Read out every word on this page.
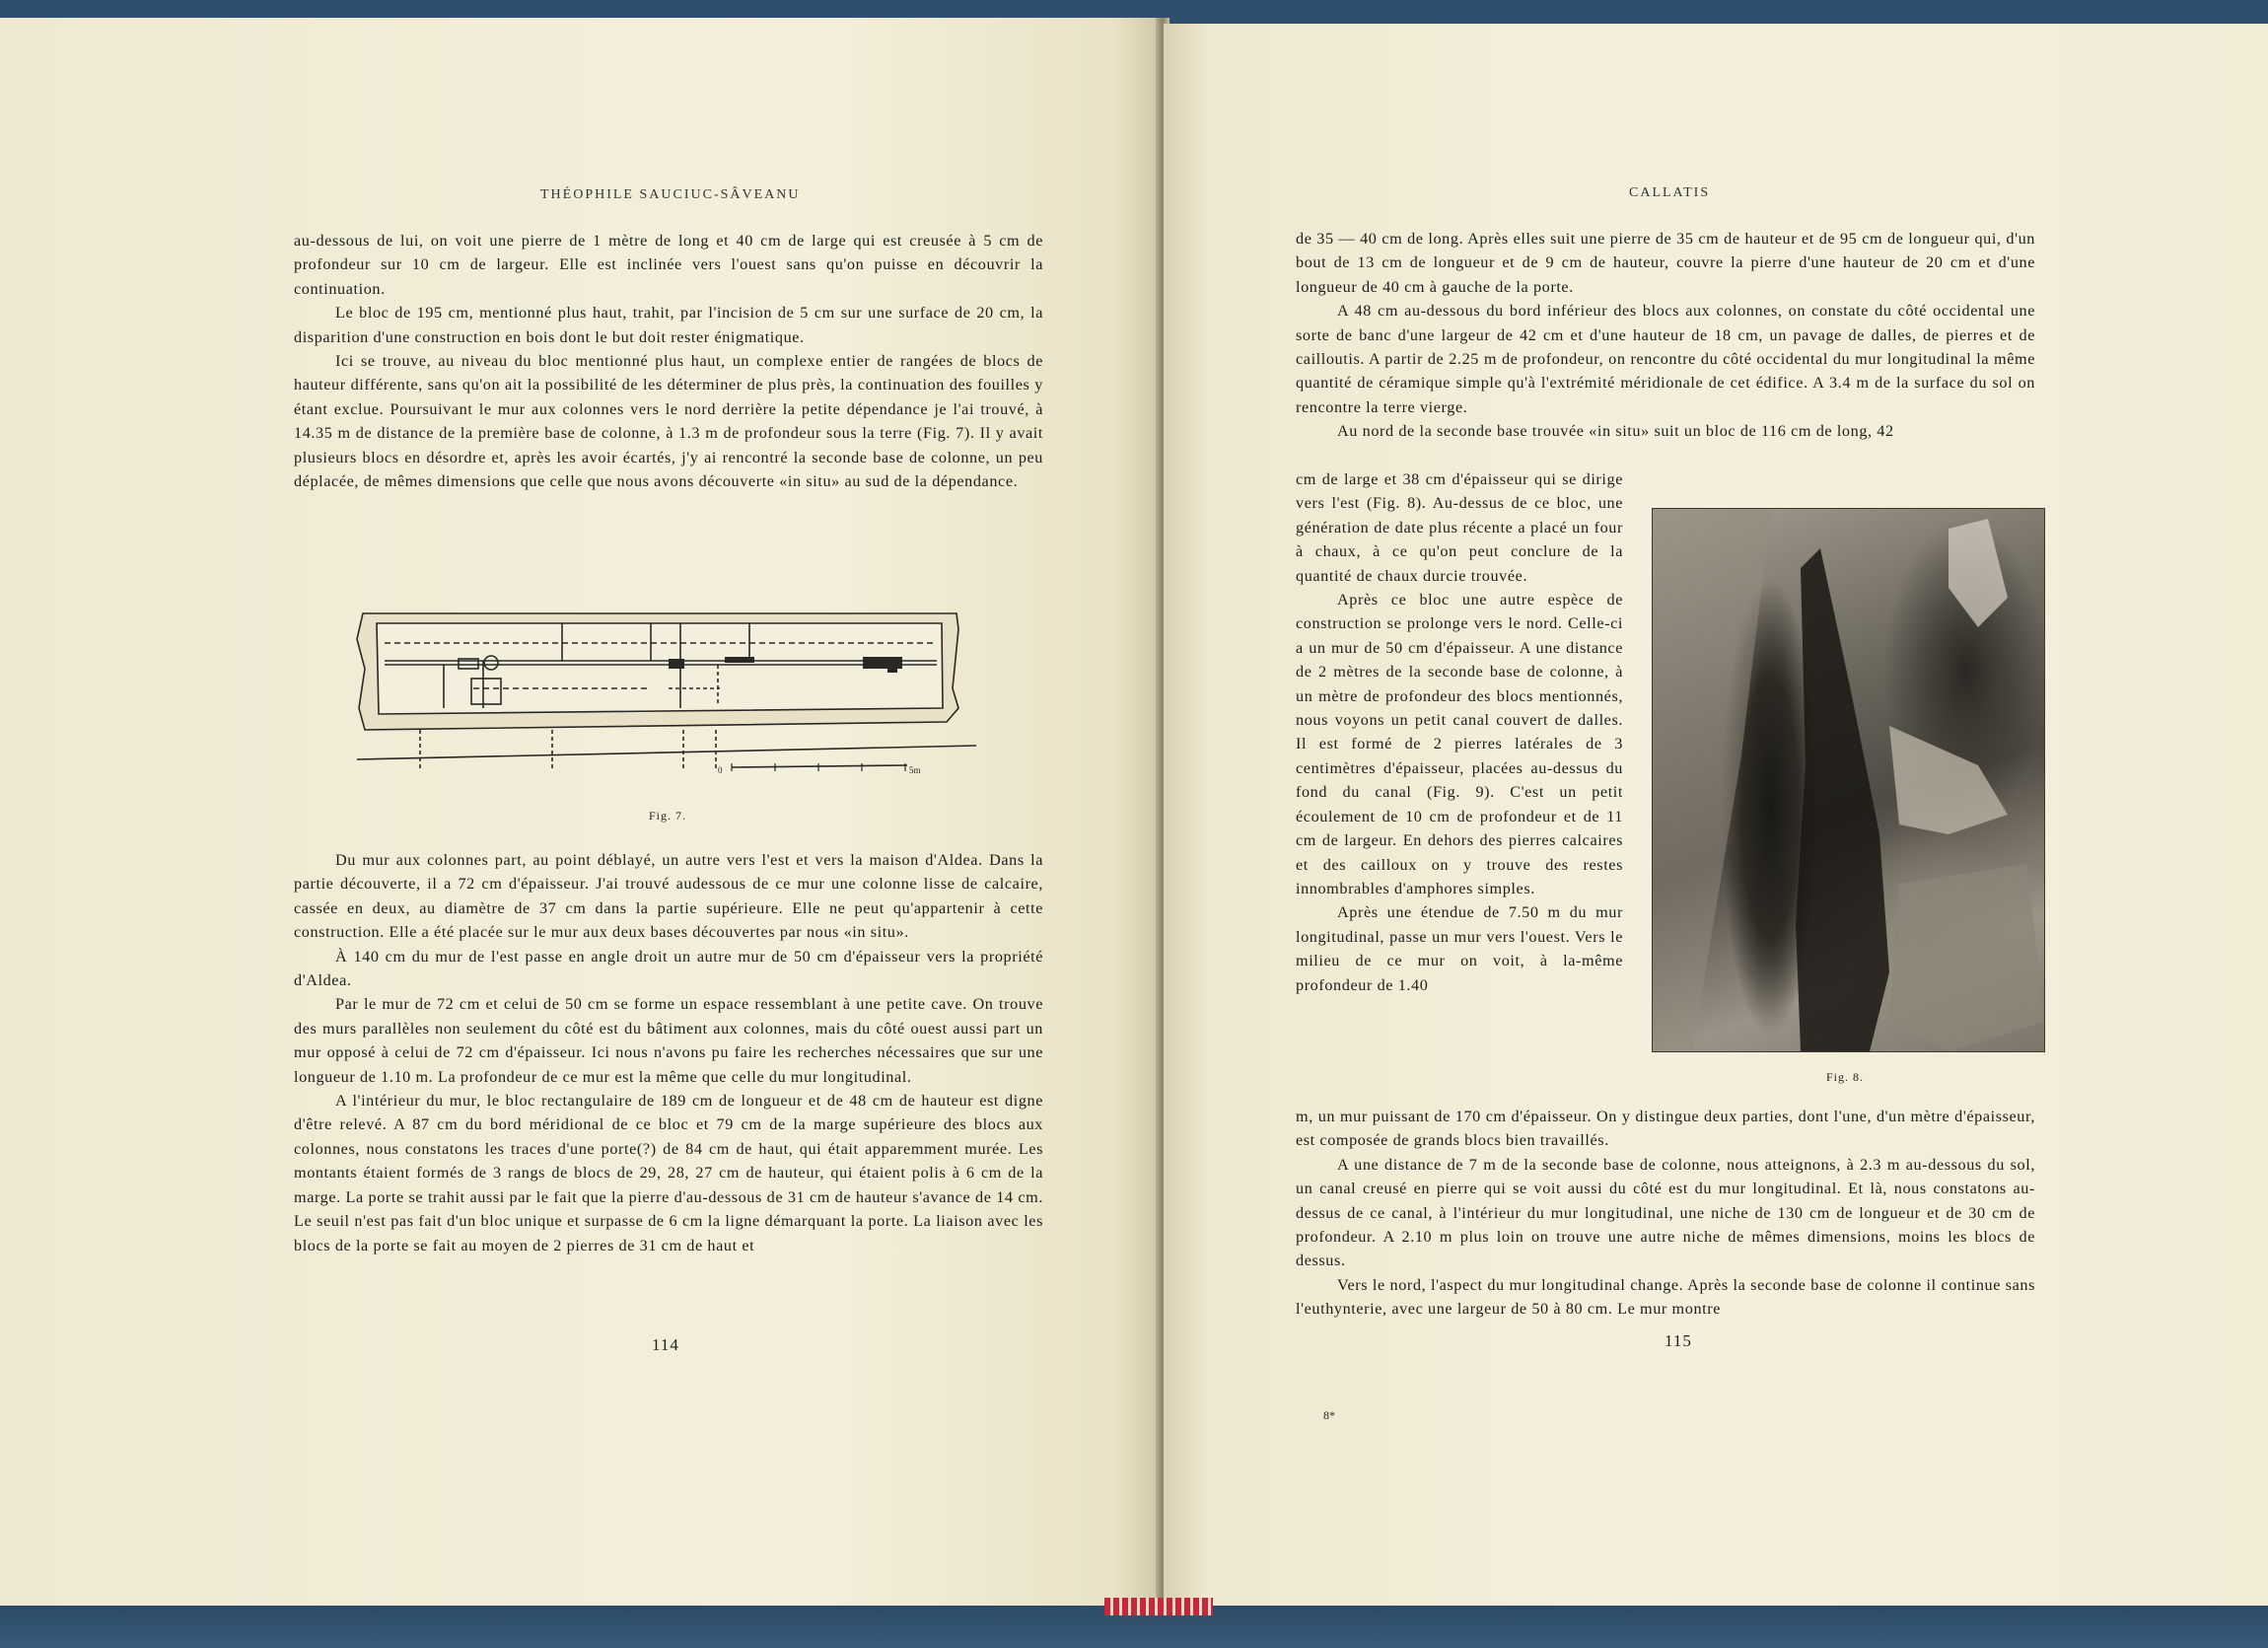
THÉOPHILE SAUCIUC-SÂVEANU

au-dessous de lui, on voit une pierre de 1 mètre de long et 40 cm de large qui est creusée à 5 cm de profondeur sur 10 cm de largeur. Elle est inclinée vers l'ouest sans qu'on puisse en découvrir la continuation.

Le bloc de 195 cm, mentionné plus haut, trahit, par l'incision de 5 cm sur une surface de 20 cm, la disparition d'une construction en bois dont le but doit rester énigmatique.

Ici se trouve, au niveau du bloc mentionné plus haut, un complexe entier de rangées de blocs de hauteur différente, sans qu'on ait la possibilité de les déterminer de plus près, la continuation des fouilles y étant exclue. Poursuivant le mur aux colonnes vers le nord derrière la petite dépendance je l'ai trouvé, à 14.35 m de distance de la première base de colonne, à 1.3 m de profondeur sous la terre (Fig. 7). Il y avait plusieurs blocs en désordre et, après les avoir écartés, j'y ai rencontré la seconde base de colonne, un peu déplacée, de mêmes dimensions que celle que nous avons découverte «in situ» au sud de la dépendance.

0	5m
Fig. 7.

Du mur aux colonnes part, au point déblayé, un autre vers l'est et vers la maison d'Aldea. Dans la partie découverte, il a 72 cm d'épaisseur. J'ai trouvé audessous de ce mur une colonne lisse de calcaire, cassée en deux, au diamètre de 37 cm dans la partie supérieure. Elle ne peut qu'appartenir à cette construction. Elle a été placée sur le mur aux deux bases découvertes par nous «in situ».

À 140 cm du mur de l'est passe en angle droit un autre mur de 50 cm d'épaisseur vers la propriété d'Aldea.

Par le mur de 72 cm et celui de 50 cm se forme un espace ressemblant à une petite cave. On trouve des murs parallèles non seulement du côté est du bâtiment aux colonnes, mais du côté ouest aussi part un mur opposé à celui de 72 cm d'épaisseur. Ici nous n'avons pu faire les recherches nécessaires que sur une longueur de 1.10 m. La profondeur de ce mur est la même que celle du mur longitudinal.

A l'intérieur du mur, le bloc rectangulaire de 189 cm de longueur et de 48 cm de hauteur est digne d'être relevé. A 87 cm du bord méridional de ce bloc et 79 cm de la marge supérieure des blocs aux colonnes, nous constatons les traces d'une porte(?) de 84 cm de haut, qui était apparemment murée. Les montants étaient formés de 3 rangs de blocs de 29, 28, 27 cm de hauteur, qui étaient polis à 6 cm de la marge. La porte se trahit aussi par le fait que la pierre d'au-dessous de 31 cm de hauteur s'avance de 14 cm. Le seuil n'est pas fait d'un bloc unique et surpasse de 6 cm la ligne démarquant la porte. La liaison avec les blocs de la porte se fait au moyen de 2 pierres de 31 cm de haut et

114
CALLATIS

de 35 — 40 cm de long. Après elles suit une pierre de 35 cm de hauteur et de 95 cm de longueur qui, d'un bout de 13 cm de longueur et de 9 cm de hauteur, couvre la pierre d'une hauteur de 20 cm et d'une longueur de 40 cm à gauche de la porte.

A 48 cm au-dessous du bord inférieur des blocs aux colonnes, on constate du côté occidental une sorte de banc d'une largeur de 42 cm et d'une hauteur de 18 cm, un pavage de dalles, de pierres et de cailloutis. A partir de 2.25 m de profondeur, on rencontre du côté occidental du mur longitudinal la même quantité de céramique simple qu'à l'extrémité méridionale de cet édifice. A 3.4 m de la surface du sol on rencontre la terre vierge.

Au nord de la seconde base trouvée «in situ» suit un bloc de 116 cm de long, 42

cm de large et 38 cm d'épaisseur qui se dirige vers l'est (Fig. 8). Au-dessus de ce bloc, une génération de date plus récente a placé un four à chaux, à ce qu'on peut conclure de la quantité de chaux durcie trouvée.

Après ce bloc une autre espèce de construction se prolonge vers le nord. Celle-ci a un mur de 50 cm d'épaisseur. A une distance de 2 mètres de la seconde base de colonne, à un mètre de profondeur des blocs mentionnés, nous voyons un petit canal couvert de dalles. Il est formé de 2 pierres latérales de 3 centimètres d'épaisseur, placées au-dessus du fond du canal (Fig. 9). C'est un petit écoulement de 10 cm de profondeur et de 11 cm de largeur. En dehors des pierres calcaires et des cailloux on y trouve des restes innombrables d'amphores simples.

Après une étendue de 7.50 m du mur longitudinal, passe un mur vers l'ouest. Vers le milieu de ce mur on voit, à la-même profondeur de 1.40

Fig. 8.

m, un mur puissant de 170 cm d'épaisseur. On y distingue deux parties, dont l'une, d'un mètre d'épaisseur, est composée de grands blocs bien travaillés.

A une distance de 7 m de la seconde base de colonne, nous atteignons, à 2.3 m au-dessous du sol, un canal creusé en pierre qui se voit aussi du côté est du mur longitudinal. Et là, nous constatons au-dessus de ce canal, à l'intérieur du mur longitudinal, une niche de 130 cm de longueur et de 30 cm de profondeur. A 2.10 m plus loin on trouve une autre niche de mêmes dimensions, moins les blocs de dessus.

Vers le nord, l'aspect du mur longitudinal change. Après la seconde base de colonne il continue sans l'euthynterie, avec une largeur de 50 à 80 cm. Le mur montre

115
8*
